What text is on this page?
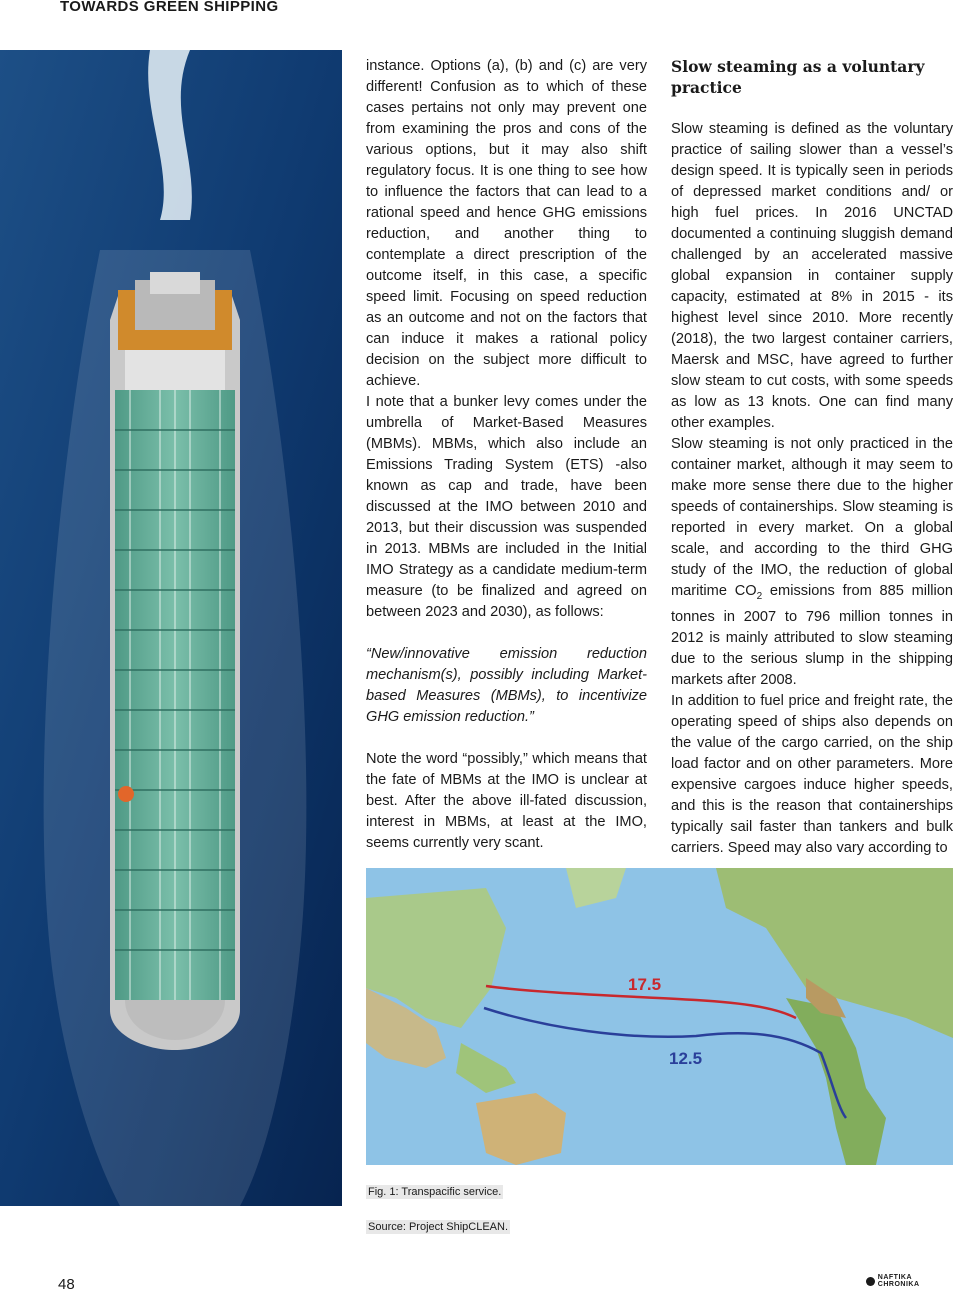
TOWARDS GREEN SHIPPING

instance. Options (a), (b) and (c) are very different! Confusion as to which of these cases pertains not only may prevent one from examining the pros and cons of the various options, but it may also shift regulatory focus. It is one thing to see how to influence the factors that can lead to a rational speed and hence GHG emissions reduction, and another thing to contemplate a direct prescription of the outcome itself, in this case, a specific speed limit. Focusing on speed reduction as an outcome and not on the factors that can induce it makes a rational policy decision on the subject more difficult to achieve.

I note that a bunker levy comes under the umbrella of Market-Based Measures (MBMs). MBMs, which also include an Emissions Trading System (ETS) -also known as cap and trade, have been discussed at the IMO between 2010 and 2013, but their discussion was suspended in 2013. MBMs are included in the Initial IMO Strategy as a candidate medium-term measure (to be finalized and agreed on between 2023 and 2030), as follows:

“New/innovative emission reduction mechanism(s), possibly including Market- based Measures (MBMs), to incentivize GHG emission reduction.”

Note the word “possibly,” which means that the fate of MBMs at the IMO is unclear at best. After the above ill-fated discussion, interest in MBMs, at least at the IMO, seems currently very scant.

Slow steaming as a voluntary practice

Slow steaming is defined as the voluntary practice of sailing slower than a vessel’s design speed. It is typically seen in periods of depressed market conditions and/ or high fuel prices. In 2016 UNCTAD documented a continuing sluggish demand challenged by an accelerated massive global expansion in container supply capacity, estimated at 8% in 2015 - its highest level since 2010. More recently (2018), the two largest container carriers, Maersk and MSC, have agreed to further slow steam to cut costs, with some speeds as low as 13 knots. One can find many other examples.

Slow steaming is not only practiced in the container market, although it may seem to make more sense there due to the higher speeds of containerships. Slow steaming is reported in every market. On a global scale, and according to the third GHG study of the IMO, the reduction of global maritime $CO_2$ emissions from 885 million tonnes in 2007 to 796 million tonnes in 2012 is mainly attributed to slow steaming due to the serious slump in the shipping markets after 2008.

In addition to fuel price and freight rate, the operating speed of ships also depends on the value of the cargo carried, on the ship load factor and on other parameters. More expensive cargoes induce higher speeds, and this is the reason that containerships typically sail faster than tankers and bulk carriers. Speed may also vary according to

17.5
12.5
Fig. 1: Transpacific service.
Source: Project ShipCLEAN.
48	NAFTIKA CHRONIKA
